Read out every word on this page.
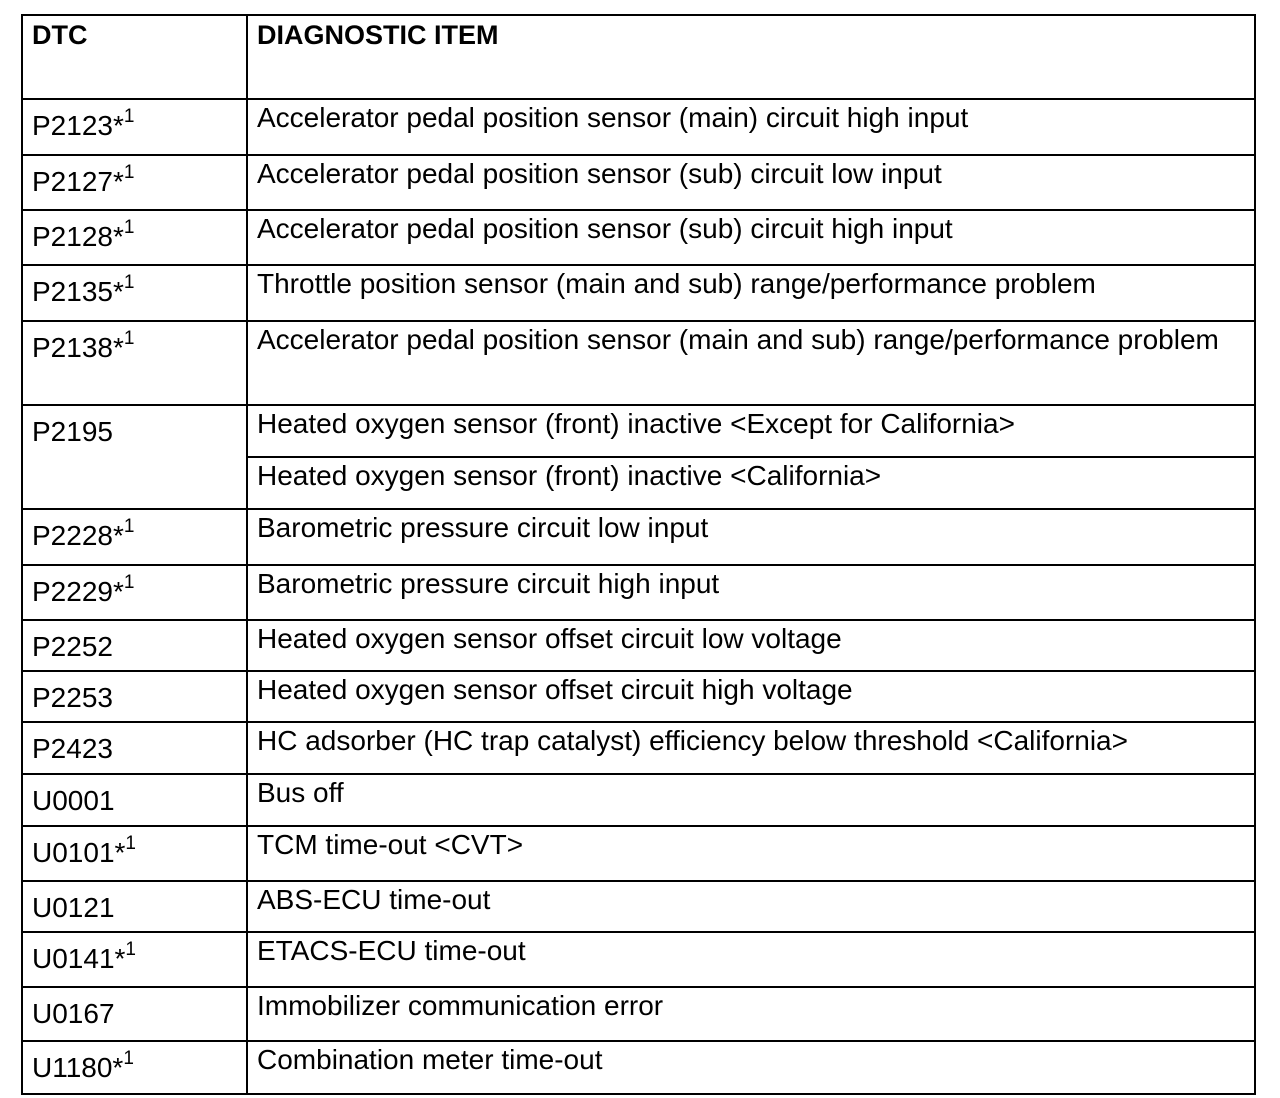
DTC	DIAGNOSTIC ITEM
P2123*$^1$	Accelerator pedal position sensor (main) circuit high input
P2127*$^1$	Accelerator pedal position sensor (sub) circuit low input
P2128*$^1$	Accelerator pedal position sensor (sub) circuit high input
P2135*$^1$	Throttle position sensor (main and sub) range/performance problem
P2138*$^1$	Accelerator pedal position sensor (main and sub) range/performance problem
P2195	Heated oxygen sensor (front) inactive <Except for California>
	Heated oxygen sensor (front) inactive <California>
P2228*$^1$	Barometric pressure circuit low input
P2229*$^1$	Barometric pressure circuit high input
P2252	Heated oxygen sensor offset circuit low voltage
P2253	Heated oxygen sensor offset circuit high voltage
P2423	HC adsorber (HC trap catalyst) efficiency below threshold <California>
U0001	Bus off
U0101*$^1$	TCM time-out <CVT>
U0121	ABS-ECU time-out
U0141*$^1$	ETACS-ECU time-out
U0167	Immobilizer communication error
U1180*$^1$	Combination meter time-out
